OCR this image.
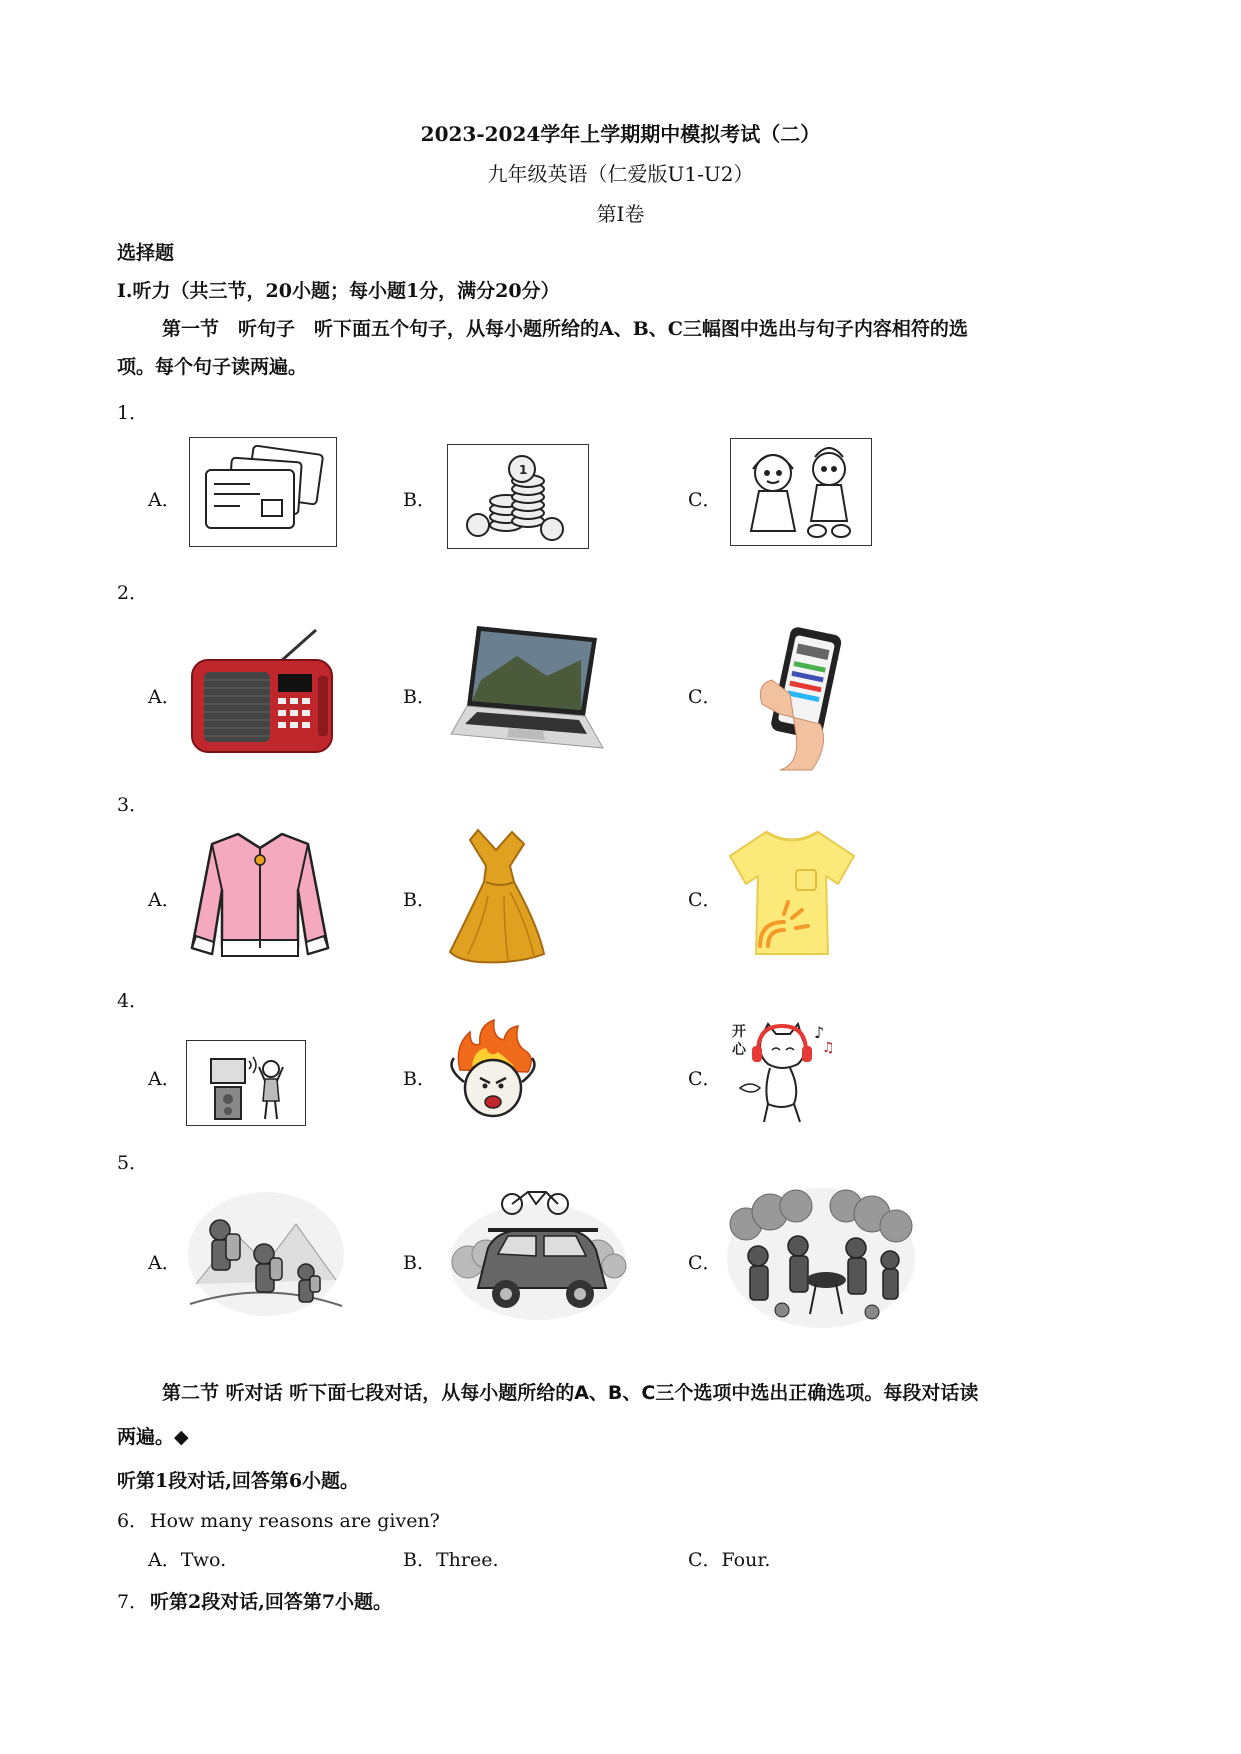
2023-2024学年上学期期中模拟考试（二）
九年级英语（仁爱版U1-U2）
第Ⅰ卷
选择题
I.听力（共三节，20小题；每小题1分，满分20分）
第一节　听句子　听下面五个句子，从每小题所给的A、B、C三幅图中选出与句子内容相符的选
项。每个句子读两遍。
1．
A．	B．	C．
1
2．
A．	B．	C．
3．
A．	B．	C．
4．
A．	B．	C．
开
心
♪
♫
5．
A．	B．	C．
第二节 听对话 听下面七段对话，从每小题所给的A、B、C三个选项中选出正确选项。每段对话读
两遍。◆
听第1段对话,回答第6小题。
6． How many reasons are given?
A．Two.	B．Three.	C．Four.
7． 听第2段对话,回答第7小题。
